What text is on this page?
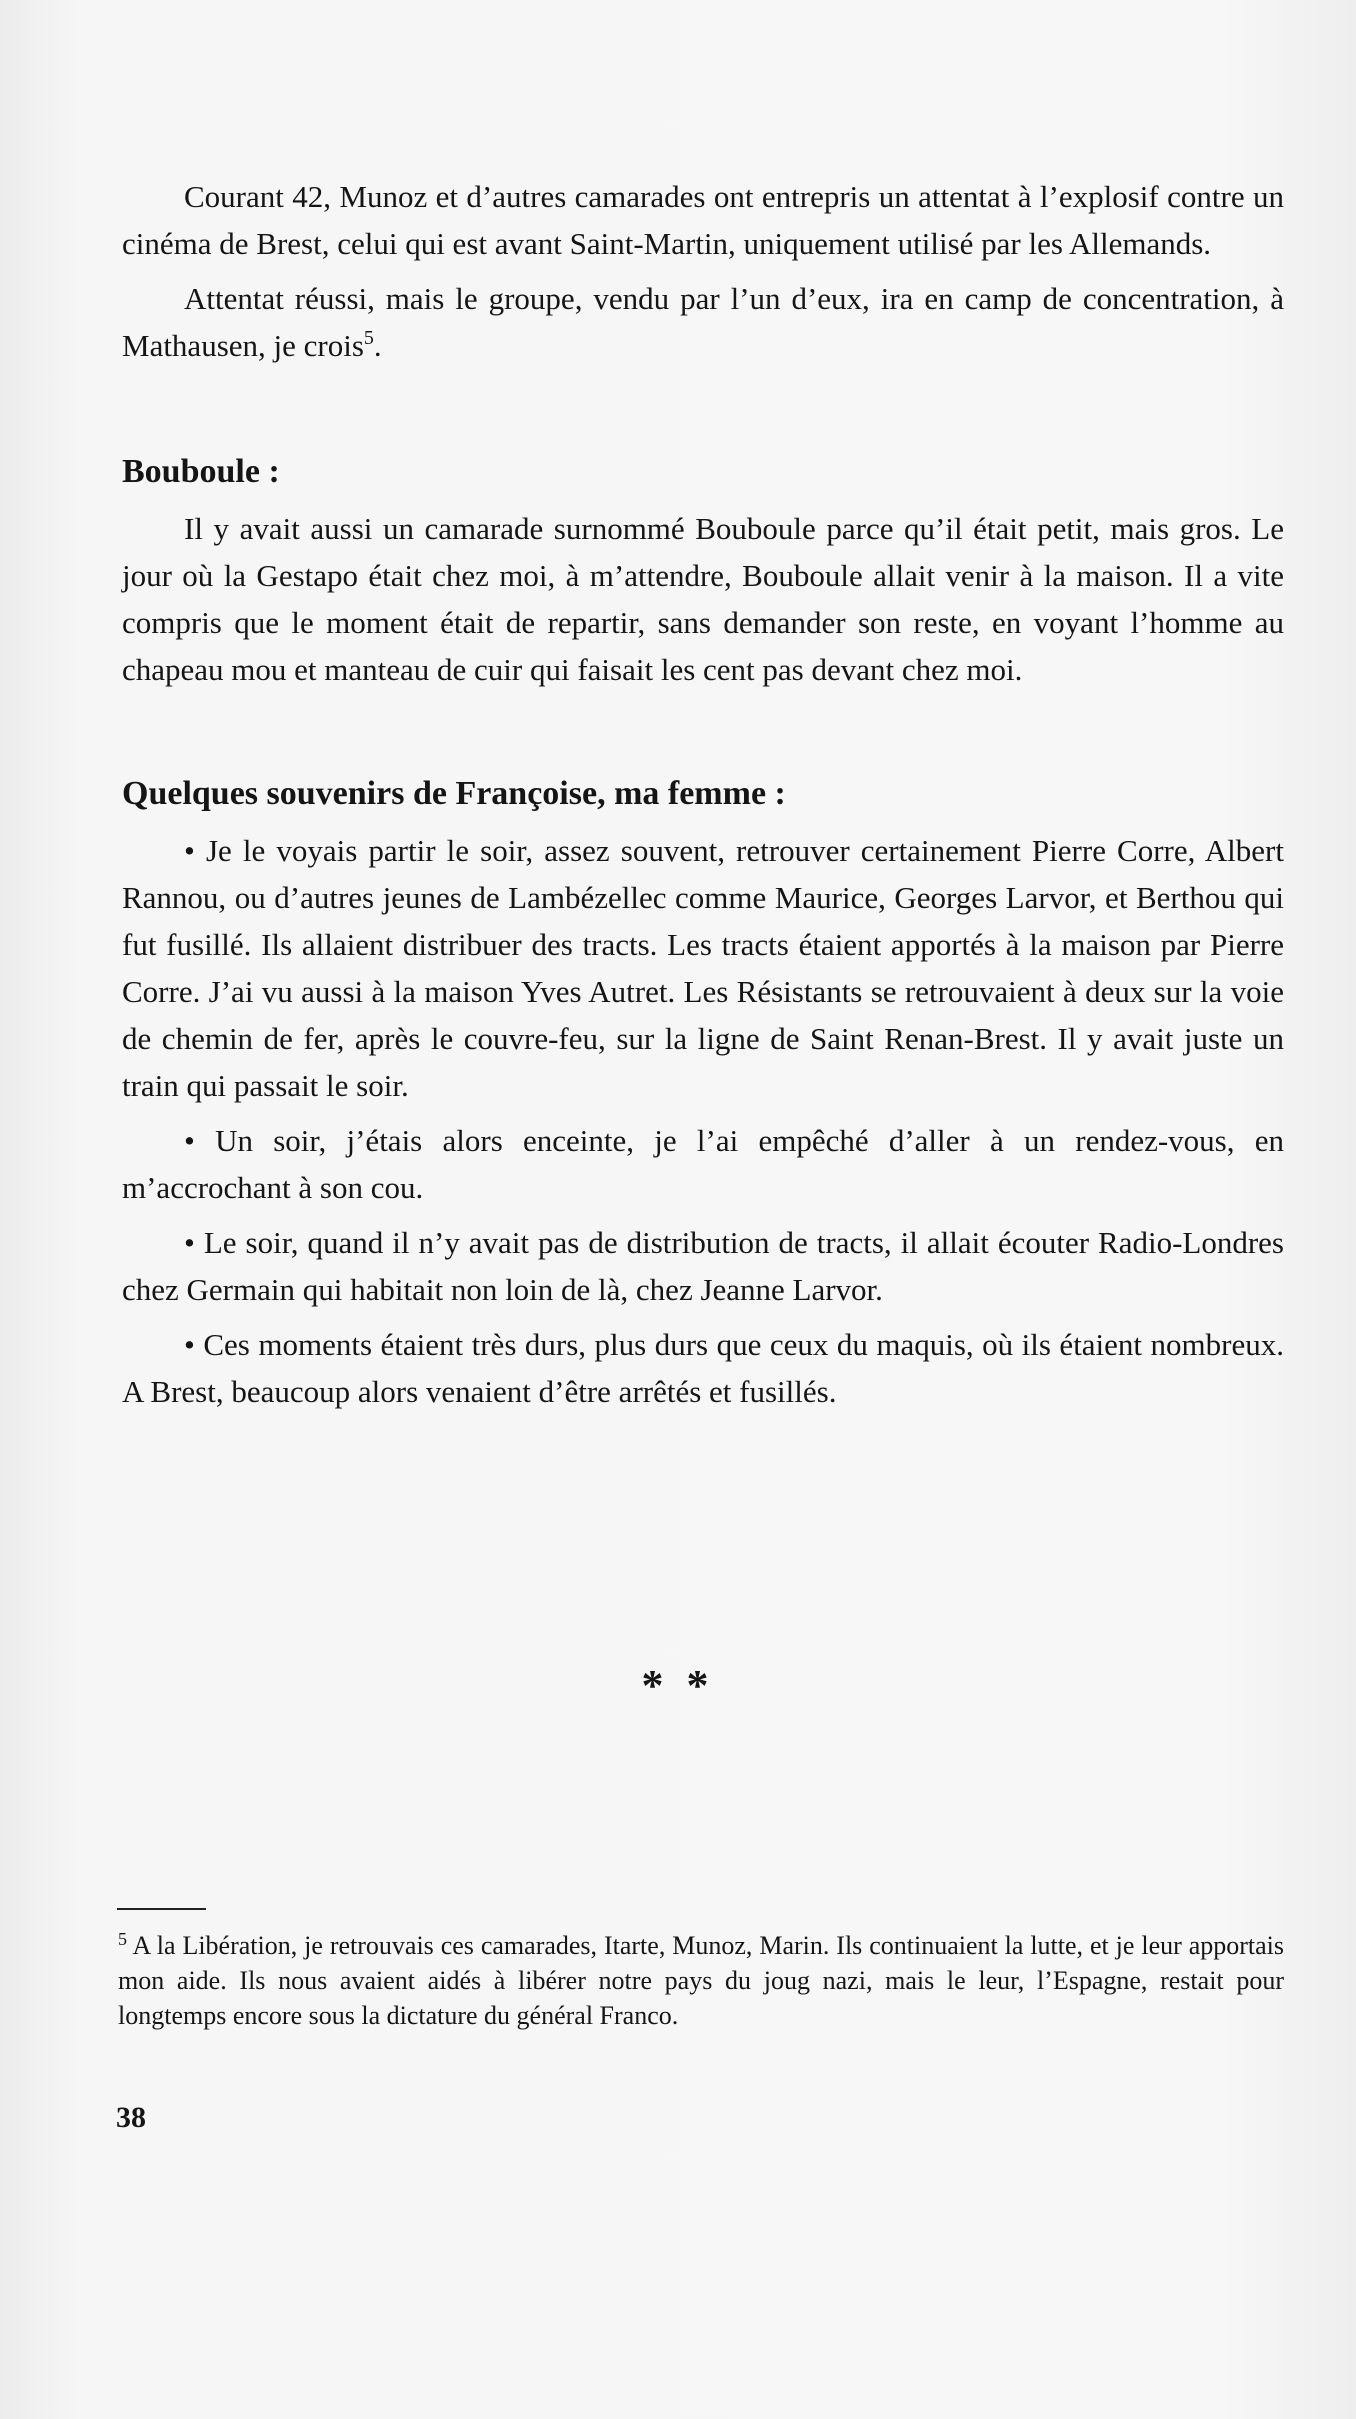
Courant 42, Munoz et d’autres camarades ont entrepris un attentat à l’explosif contre un cinéma de Brest, celui qui est avant Saint-Martin, uniquement utilisé par les Allemands.

Attentat réussi, mais le groupe, vendu par l’un d’eux, ira en camp de concentration, à Mathausen, je crois$^5$.

Bouboule :

Il y avait aussi un camarade surnommé Bouboule parce qu’il était petit, mais gros. Le jour où la Gestapo était chez moi, à m’attendre, Bouboule allait venir à la maison. Il a vite compris que le moment était de repartir, sans demander son reste, en voyant l’homme au chapeau mou et manteau de cuir qui faisait les cent pas devant chez moi.

Quelques souvenirs de Françoise, ma femme :

• Je le voyais partir le soir, assez souvent, retrouver certainement Pierre Corre, Albert Rannou, ou d’autres jeunes de Lambézellec comme Maurice, Georges Larvor, et Berthou qui fut fusillé. Ils allaient distribuer des tracts. Les tracts étaient apportés à la maison par Pierre Corre. J’ai vu aussi à la maison Yves Autret. Les Résistants se retrouvaient à deux sur la voie de chemin de fer, après le couvre-feu, sur la ligne de Saint Renan-Brest. Il y avait juste un train qui passait le soir.

• Un soir, j’étais alors enceinte, je l’ai empêché d’aller à un rendez-vous, en m’accrochant à son cou.

• Le soir, quand il n’y avait pas de distribution de tracts, il allait écouter Radio-Londres chez Germain qui habitait non loin de là, chez Jeanne Larvor.

• Ces moments étaient très durs, plus durs que ceux du maquis, où ils étaient nombreux. A Brest, beaucoup alors venaient d’être arrêtés et fusillés.

* *

$^5$ A la Libération, je retrouvais ces camarades, Itarte, Munoz, Marin. Ils continuaient la lutte, et je leur apportais mon aide. Ils nous avaient aidés à libérer notre pays du joug nazi, mais le leur, l’Espagne, restait pour longtemps encore sous la dictature du général Franco.

38
